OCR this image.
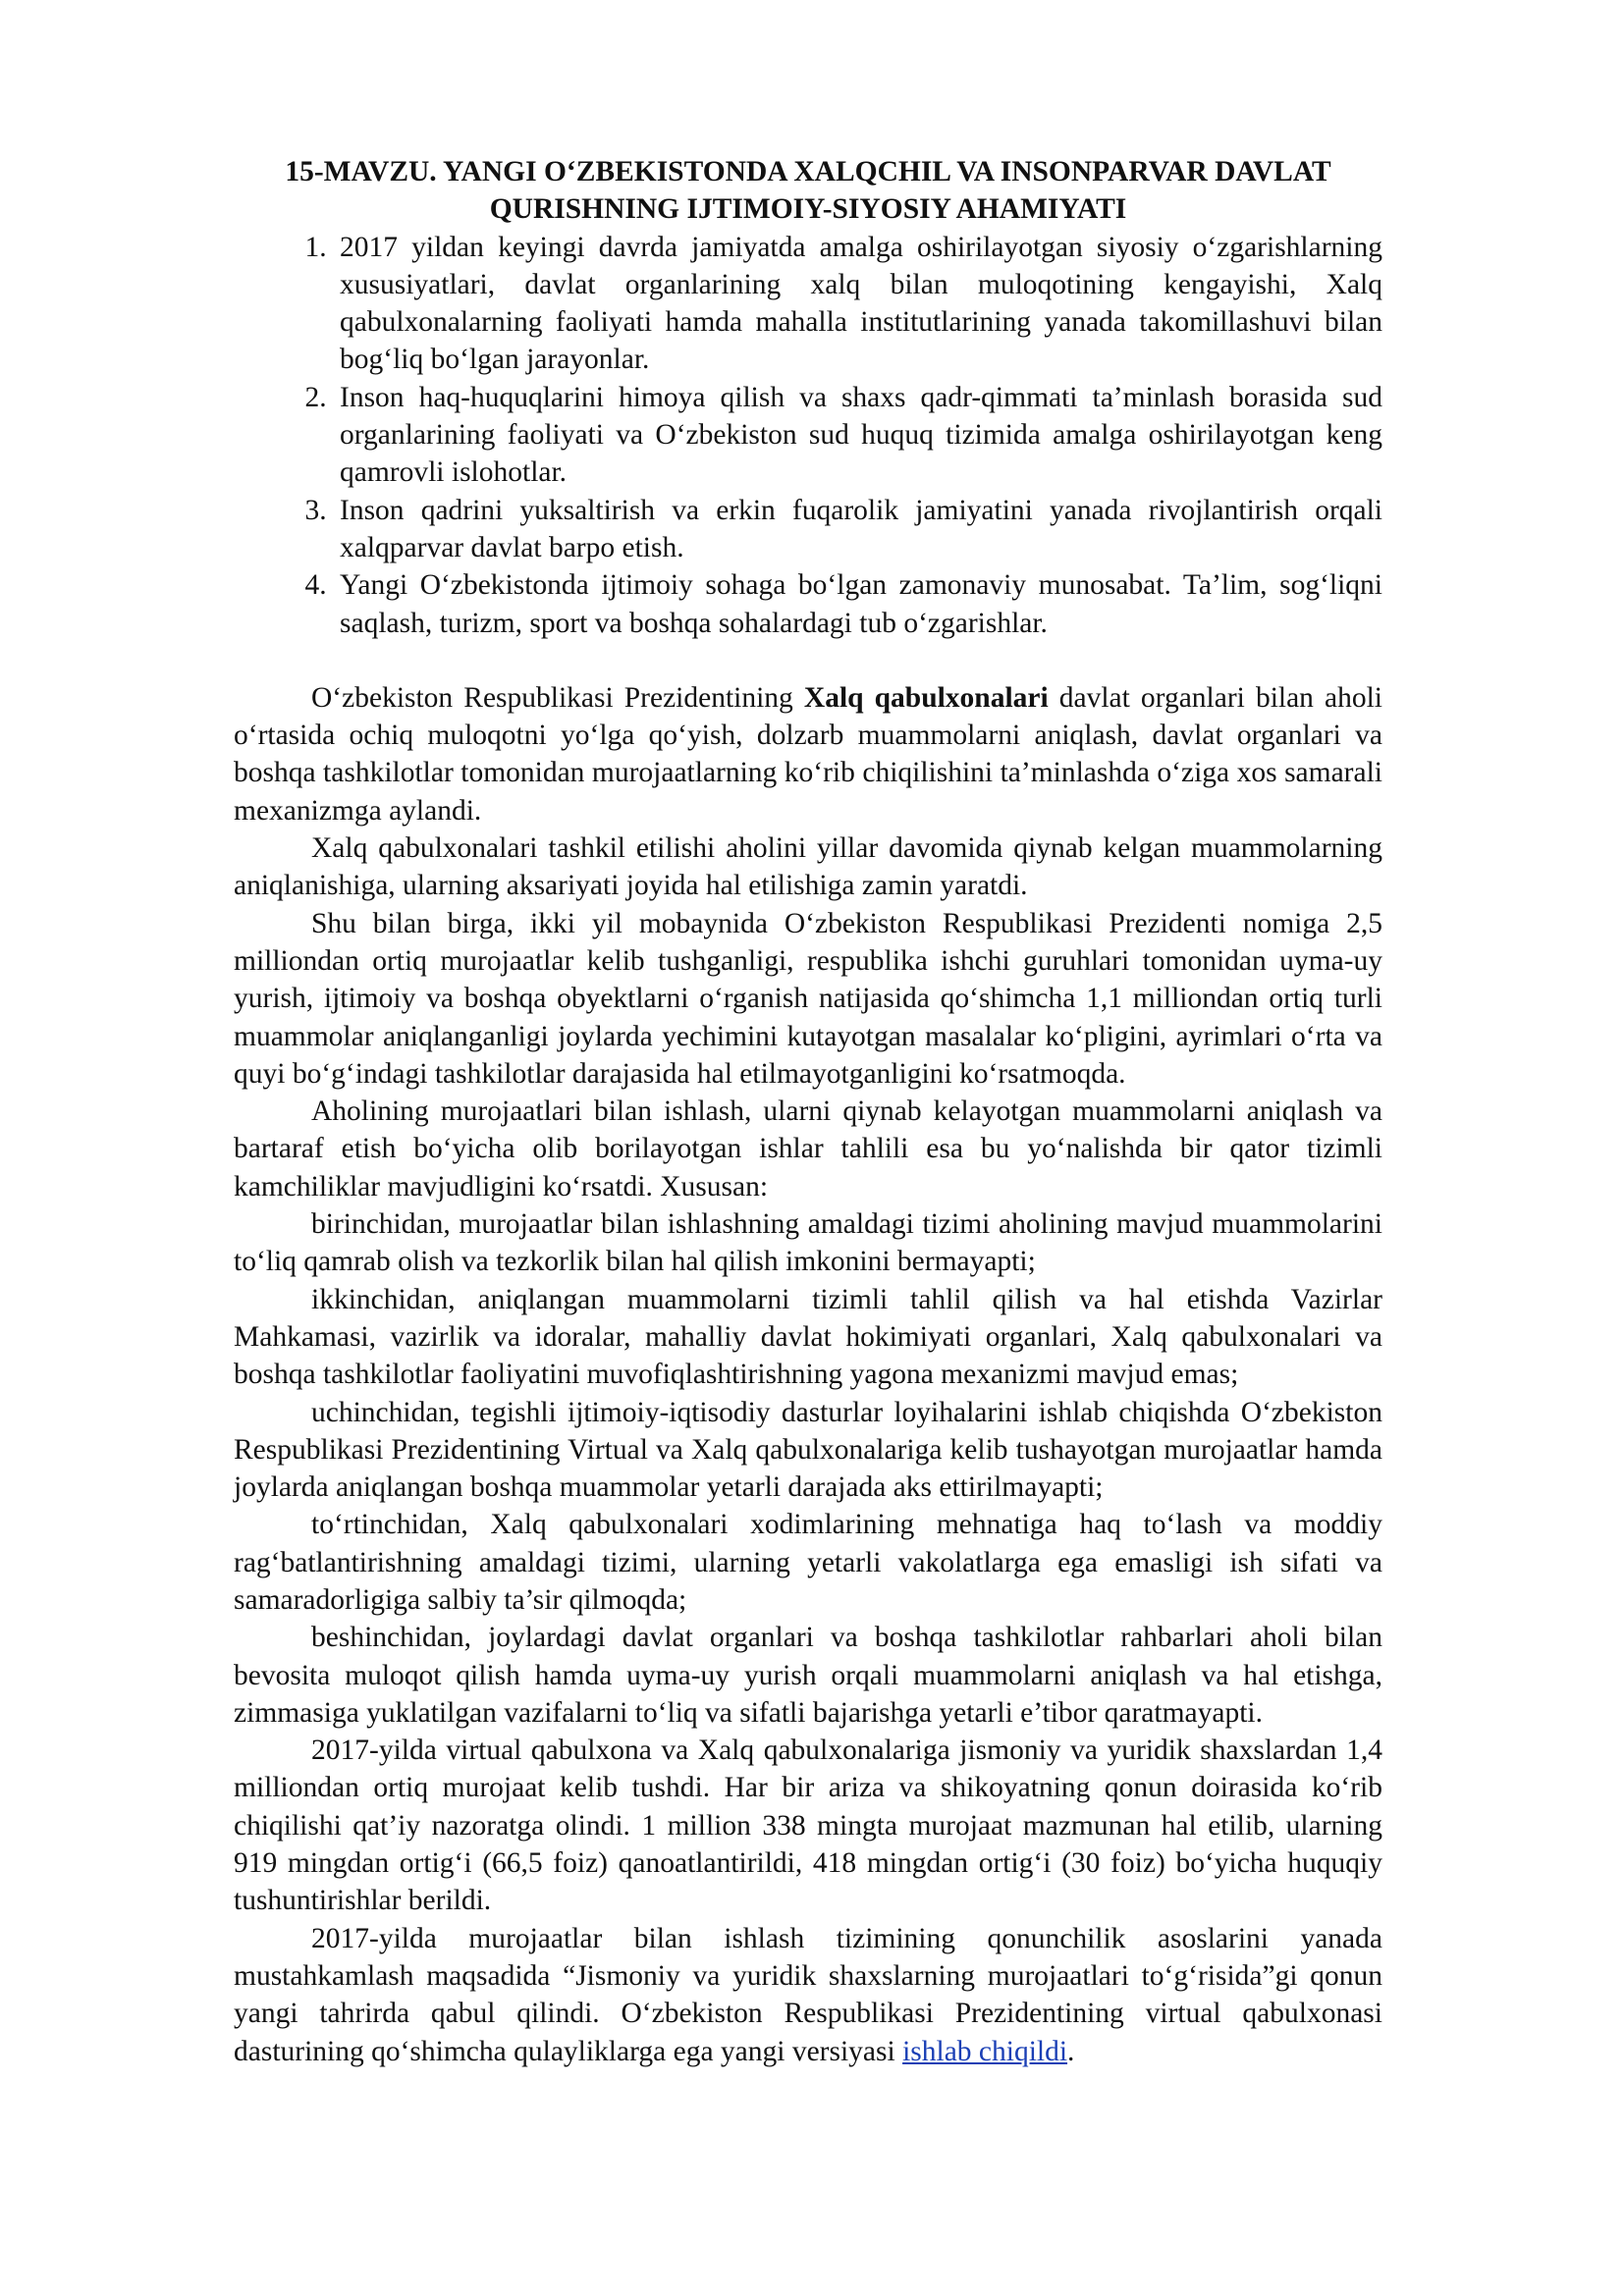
15-MAVZU. YANGI O‘ZBEKISTONDA XALQCHIL VA INSONPARVAR DAVLAT
QURISHNING IJTIMOIY-SIYOSIY AHAMIYATI
1. 2017 yildan keyingi davrda jamiyatda amalga oshirilayotgan siyosiy o‘zgarishlarning xususiyatlari, davlat organlarining xalq bilan muloqotining kengayishi, Xalq qabulxonalarning faoliyati hamda mahalla institutlarining yanada takomillashuvi bilan bog‘liq bo‘lgan jarayonlar.
2. Inson haq-huquqlarini himoya qilish va shaxs qadr-qimmati ta’minlash borasida sud organlarining faoliyati va O‘zbekiston sud huquq tizimida amalga oshirilayotgan keng qamrovli islohotlar.
3. Inson qadrini yuksaltirish va erkin fuqarolik jamiyatini yanada rivojlantirish orqali xalqparvar davlat barpo etish.
4. Yangi O‘zbekistonda ijtimoiy sohaga bo‘lgan zamonaviy munosabat. Ta’lim, sog‘liqni saqlash, turizm, sport va boshqa sohalardagi tub o‘zgarishlar.

O‘zbekiston Respublikasi Prezidentining Xalq qabulxonalari davlat organlari bilan aholi o‘rtasida ochiq muloqotni yo‘lga qo‘yish, dolzarb muammolarni aniqlash, davlat organlari va boshqa tashkilotlar tomonidan murojaatlarning ko‘rib chiqilishini ta’minlashda o‘ziga xos samarali mexanizmga aylandi.

Xalq qabulxonalari tashkil etilishi aholini yillar davomida qiynab kelgan muammolarning aniqlanishiga, ularning aksariyati joyida hal etilishiga zamin yaratdi.

Shu bilan birga, ikki yil mobaynida O‘zbekiston Respublikasi Prezidenti nomiga 2,5 milliondan ortiq murojaatlar kelib tushganligi, respublika ishchi guruhlari tomonidan uyma-uy yurish, ijtimoiy va boshqa obyektlarni o‘rganish natijasida qo‘shimcha 1,1 milliondan ortiq turli muammolar aniqlanganligi joylarda yechimini kutayotgan masalalar ko‘pligini, ayrimlari o‘rta va quyi bo‘g‘indagi tashkilotlar darajasida hal etilmayotganligini ko‘rsatmoqda.

Aholining murojaatlari bilan ishlash, ularni qiynab kelayotgan muammolarni aniqlash va bartaraf etish bo‘yicha olib borilayotgan ishlar tahlili esa bu yo‘nalishda bir qator tizimli kamchiliklar mavjudligini ko‘rsatdi. Xususan:

birinchidan, murojaatlar bilan ishlashning amaldagi tizimi aholining mavjud muammolarini to‘liq qamrab olish va tezkorlik bilan hal qilish imkonini bermayapti;

ikkinchidan, aniqlangan muammolarni tizimli tahlil qilish va hal etishda Vazirlar Mahkamasi, vazirlik va idoralar, mahalliy davlat hokimiyati organlari, Xalq qabulxonalari va boshqa tashkilotlar faoliyatini muvofiqlashtirishning yagona mexanizmi mavjud emas;

uchinchidan, tegishli ijtimoiy-iqtisodiy dasturlar loyihalarini ishlab chiqishda O‘zbekiston Respublikasi Prezidentining Virtual va Xalq qabulxonalariga kelib tushayotgan murojaatlar hamda joylarda aniqlangan boshqa muammolar yetarli darajada aks ettirilmayapti;

to‘rtinchidan, Xalq qabulxonalari xodimlarining mehnatiga haq to‘lash va moddiy rag‘batlantirishning amaldagi tizimi, ularning yetarli vakolatlarga ega emasligi ish sifati va samaradorligiga salbiy ta’sir qilmoqda;

beshinchidan, joylardagi davlat organlari va boshqa tashkilotlar rahbarlari aholi bilan bevosita muloqot qilish hamda uyma-uy yurish orqali muammolarni aniqlash va hal etishga, zimmasiga yuklatilgan vazifalarni to‘liq va sifatli bajarishga yetarli e’tibor qaratmayapti.

2017-yilda virtual qabulxona va Xalq qabulxonalariga jismoniy va yuridik shaxslardan 1,4 milliondan ortiq murojaat kelib tushdi. Har bir ariza va shikoyatning qonun doirasida ko‘rib chiqilishi qat’iy nazoratga olindi. 1 million 338 mingta murojaat mazmunan hal etilib, ularning 919 mingdan ortig‘i (66,5 foiz) qanoatlantirildi, 418 mingdan ortig‘i (30 foiz) bo‘yicha huquqiy tushuntirishlar berildi.

2017-yilda murojaatlar bilan ishlash tizimining qonunchilik asoslarini yanada mustahkamlash maqsadida “Jismoniy va yuridik shaxslarning murojaatlari to‘g‘risida”gi qonun yangi tahrirda qabul qilindi. O‘zbekiston Respublikasi Prezidentining virtual qabulxonasi dasturining qo‘shimcha qulayliklarga ega yangi versiyasi ishlab chiqildi.
